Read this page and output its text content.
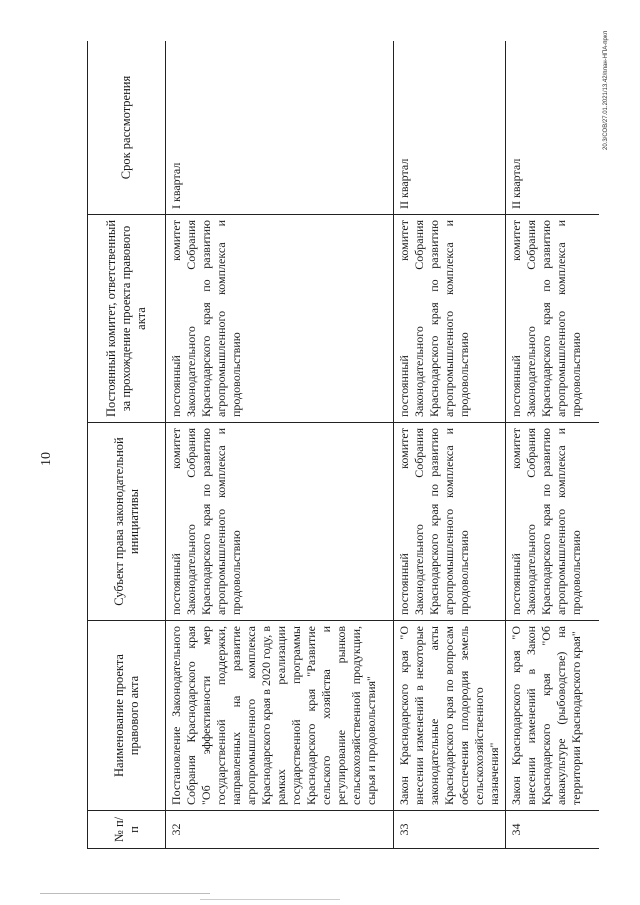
10
№ п/п	Наименование проекта правового акта	Субъект права законодательной инициативы	Постоянный комитет, ответственный за прохождение проекта правового акта	Срок рассмотрения
32	Постановление Законодательного Собрания Краснодарского края "Об эффективности мер государственной поддержки, направленных на развитие агропромышленного комплекса Краснодарского края в 2020 году, в рамках реализации государственной программы Краснодарского края "Развитие сельского хозяйства и регулирование рынков сельскохозяйственной продукции, сырья и продовольствия"	постоянный комитет Законодательного Собрания Краснодарского края по развитию агропромышленного комплекса и продовольствию	постоянный комитет Законодательного Собрания Краснодарского края по развитию агропромышленного комплекса и продовольствию	I квартал
33	Закон Краснодарского края "О внесении изменений в некоторые законодательные акты Краснодарского края по вопросам обеспечения плодородия земель сельскохозяйственного назначения"	постоянный комитет Законодательного Собрания Краснодарского края по развитию агропромышленного комплекса и продовольствию	постоянный комитет Законодательного Собрания Краснодарского края по развитию агропромышленного комплекса и продовольствию	II квартал
34	Закон Краснодарского края "О внесении изменений в Закон Краснодарского края "Об аквакультуре (рыбоводстве) на территории Краснодарского края"	постоянный комитет Законодательного Собрания Краснодарского края по развитию агропромышленного комплекса и продовольствию	постоянный комитет Законодательного Собрания Краснодарского края по развитию агропромышленного комплекса и продовольствию	II квартал
20.3/СОВ/27.01.2021/13.42/план-НПА-пркл
